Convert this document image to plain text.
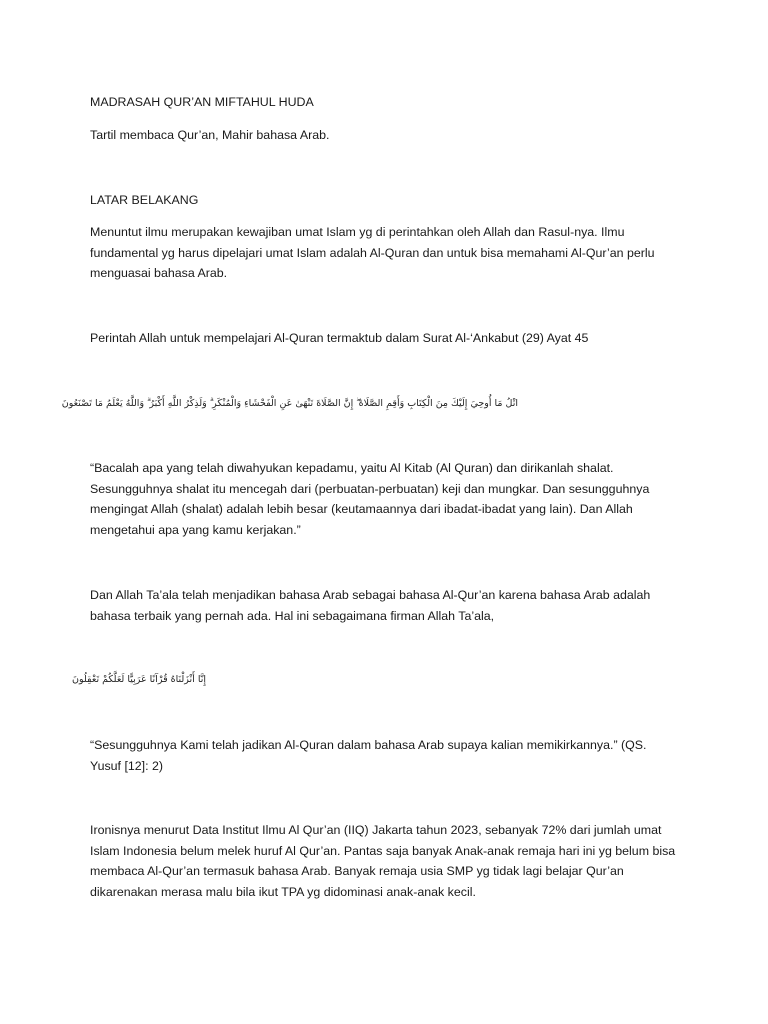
MADRASAH QUR’AN MIFTAHUL HUDA

Tartil membaca Qur’an, Mahir bahasa Arab.

LATAR BELAKANG

Menuntut ilmu merupakan kewajiban umat Islam yg di perintahkan oleh Allah dan Rasul-nya. Ilmu fundamental yg harus dipelajari umat Islam adalah Al-Quran dan untuk bisa memahami Al-Qur’an perlu menguasai bahasa Arab.

Perintah Allah untuk mempelajari Al-Quran termaktub dalam Surat Al-‘Ankabut (29) Ayat 45

اتْلُ مَا أُوحِيَ إِلَيْكَ مِنَ الْكِتَابِ وَأَقِمِ الصَّلَاةَ ۖ إِنَّ الصَّلَاةَ تَنْهَىٰ عَنِ الْفَحْشَاءِ وَالْمُنْكَرِ ۗ وَلَذِكْرُ اللَّهِ أَكْبَرُ ۗ وَاللَّهُ يَعْلَمُ مَا تَصْنَعُونَ

“Bacalah apa yang telah diwahyukan kepadamu, yaitu Al Kitab (Al Quran) dan dirikanlah shalat. Sesungguhnya shalat itu mencegah dari (perbuatan-perbuatan) keji dan mungkar. Dan sesungguhnya mengingat Allah (shalat) adalah lebih besar (keutamaannya dari ibadat-ibadat yang lain). Dan Allah mengetahui apa yang kamu kerjakan.”

Dan Allah Ta’ala telah menjadikan bahasa Arab sebagai bahasa Al-Qur’an karena bahasa Arab adalah bahasa terbaik yang pernah ada. Hal ini sebagaimana firman Allah Ta’ala,

إِنَّا أَنْزَلْنَاهُ قُرْآنًا عَرَبِيًّا لَعَلَّكُمْ تَعْقِلُونَ

“Sesungguhnya Kami telah jadikan Al-Quran dalam bahasa Arab supaya kalian memikirkannya.” (QS. Yusuf [12]: 2)

Ironisnya menurut Data Institut Ilmu Al Qur’an (IIQ) Jakarta tahun 2023, sebanyak 72% dari jumlah umat Islam Indonesia belum melek huruf Al Qur’an. Pantas saja banyak Anak-anak remaja hari ini yg belum bisa membaca Al-Qur’an termasuk bahasa Arab. Banyak remaja usia SMP yg tidak lagi belajar Qur’an dikarenakan merasa malu bila ikut TPA yg didominasi anak-anak kecil.
